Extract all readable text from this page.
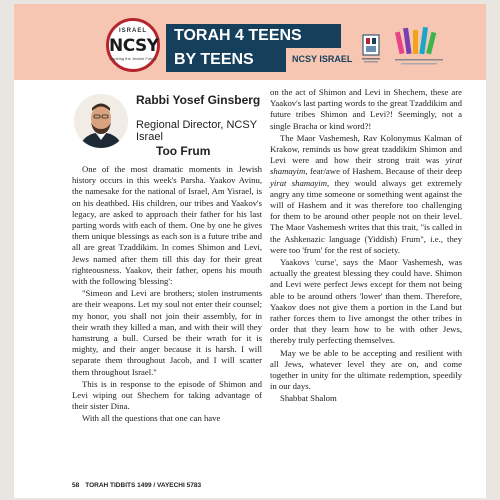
ISRAEL
NCSY
Inspiring the Jewish Future
TORAH 4 TEENS
BY TEENS	NCSY ISRAEL
Rabbi Yosef Ginsberg
Regional Director, NCSY Israel
Too Frum

One of the most dramatic moments in Jewish history occurs in this week's Parsha. Yaakov Avinu, the namesake for the national of Israel, Am Yisrael, is on his deathbed. His children, our tribes and Yaakov's legacy, are asked to approach their father for his last parting words with each of them. One by one he gives them unique blessings as each son is a future tribe and all are great Tzaddikim. In comes Shimon and Levi, Jews named after them till this day for their great righteousness. Yaakov, their father, opens his mouth with the following 'blessing':

"Simeon and Levi are brothers; stolen instruments are their weapons. Let my soul not enter their counsel; my honor, you shall not join their assembly, for in their wrath they killed a man, and with their will they hamstrung a bull. Cursed be their wrath for it is mighty, and their anger because it is harsh. I will separate them throughout Jacob, and I will scatter them throughout Israel."

This is in response to the episode of Shimon and Levi wiping out Shechem for taking advantage of their sister Dina.

With all the questions that one can have

on the act of Shimon and Levi in Shechem, these are Yaakov's last parting words to the great Tzaddikim and future tribes Shimon and Levi?! Seemingly, not a single Bracha or kind word?!

The Maor Vashemesh, Rav Kolonymus Kalman of Krakow, reminds us how great tzaddikim Shimon and Levi were and how their strong trait was yirat shamayim, fear/awe of Hashem. Because of their deep yirat shamayim, they would always get extremely angry any time someone or something went against the will of Hashem and it was therefore too challenging for them to be around other people not on their level. The Maor Vashemesh writes that this trait, "is called in the Ashkenazic language (Yiddish) Frum", i.e., they were too 'frum' for the rest of society.

Yaakovs 'curse', says the Maor Vashemesh, was actually the greatest blessing they could have. Shimon and Levi were perfect Jews except for them not being able to be around others 'lower' than them. Therefore, Yaakov does not give them a portion in the Land but rather forces them to live amongst the other tribes in order that they learn how to be with other Jews, thereby truly perfecting themselves.

May we be able to be accepting and resilient with all Jews, whatever level they are on, and come together in unity for the ultimate redemption, speedily in our days.

Shabbat Shalom

58 TORAH TIDBITS 1499 / VAYECHI 5783
